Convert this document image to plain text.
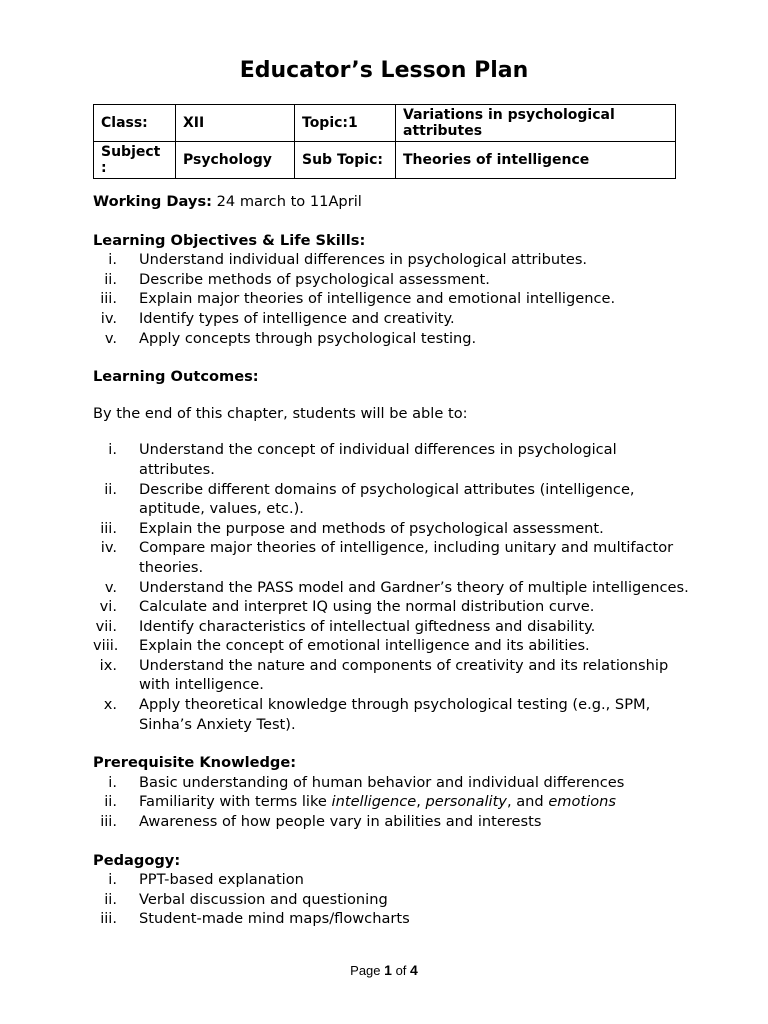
Educator’s Lesson Plan
Class:	XII	Topic:1	Variations in psychological attributes
Subject :	Psychology	Sub Topic:	Theories of intelligence

Working Days: 24 march to 11April

Learning Objectives & Life Skills:

i. Understand individual differences in psychological attributes.
ii. Describe methods of psychological assessment.
iii. Explain major theories of intelligence and emotional intelligence.
iv. Identify types of intelligence and creativity.
v. Apply concepts through psychological testing.

Learning Outcomes:

By the end of this chapter, students will be able to:

i. Understand the concept of individual differences in psychological attributes.
ii. Describe different domains of psychological attributes (intelligence, aptitude, values, etc.).
iii. Explain the purpose and methods of psychological assessment.
iv. Compare major theories of intelligence, including unitary and multifactor theories.
v. Understand the PASS model and Gardner’s theory of multiple intelligences.
vi. Calculate and interpret IQ using the normal distribution curve.
vii. Identify characteristics of intellectual giftedness and disability.
viii. Explain the concept of emotional intelligence and its abilities.
ix. Understand the nature and components of creativity and its relationship with intelligence.
x. Apply theoretical knowledge through psychological testing (e.g., SPM, Sinha’s Anxiety Test).

Prerequisite Knowledge:

i. Basic understanding of human behavior and individual differences
ii. Familiarity with terms like intelligence, personality, and emotions
iii. Awareness of how people vary in abilities and interests

Pedagogy:

i. PPT-based explanation
ii. Verbal discussion and questioning
iii. Student-made mind maps/flowcharts
Page 1 of 4
